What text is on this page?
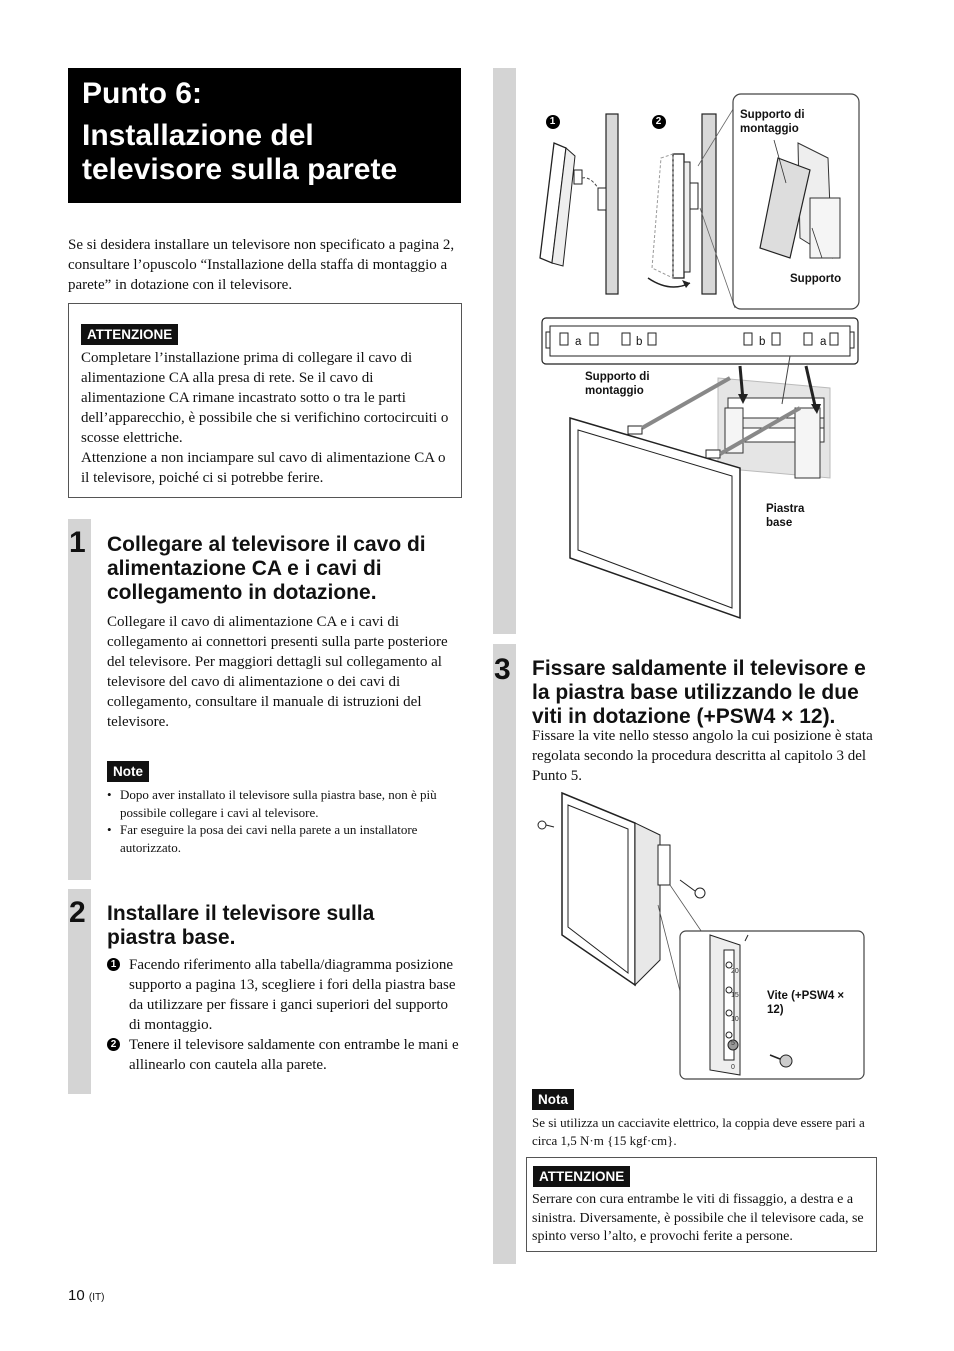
Punto 6:
Installazione del televisore sulla parete
Se si desidera installare un televisore non specificato a pagina 2, consultare l’opuscolo “Installazione della staffa di montaggio a parete” in dotazione con il televisore.
ATTENZIONE
Completare l’installazione prima di collegare il cavo di alimentazione CA alla presa di rete. Se il cavo di alimentazione CA rimane incastrato sotto o tra le parti dell’apparecchio, è possibile che si verifichino cortocircuiti o scosse elettriche.
Attenzione a non inciampare sul cavo di alimentazione CA o il televisore, poiché ci si potrebbe ferire.
1 Collegare al televisore il cavo di alimentazione CA e i cavi di collegamento in dotazione.
Collegare il cavo di alimentazione CA e i cavi di collegamento ai connettori presenti sulla parte posteriore del televisore. Per maggiori dettagli sul collegamento al televisore del cavo di alimentazione o dei cavi di collegamento, consultare il manuale di istruzioni del televisore.
Note
• Dopo aver installato il televisore sulla piastra base, non è più possibile collegare i cavi al televisore.
• Far eseguire la posa dei cavi nella parete a un installatore autorizzato.
2 Installare il televisore sulla piastra base.
1 Facendo riferimento alla tabella/diagramma posizione supporto a pagina 13, scegliere i fori della piastra base da utilizzare per fissare i ganci superiori del supporto di montaggio.
2 Tenere il televisore saldamente con entrambe le mani e allinearlo con cautela alla parete.
1	2
Supporto di montaggio
Supporto
Supporto di montaggio
Piastra base
a	b	b	a
3 Fissare saldamente il televisore e la piastra base utilizzando le due viti in dotazione (+PSW4 × 12).
Fissare la vite nello stesso angolo la cui posizione è stata regolata secondo la procedura descritta al capitolo 3 del Punto 5.
20
15
10
5
0
Vite (+PSW4 × 12)
Nota
Se si utilizza un cacciavite elettrico, la coppia deve essere pari a circa 1,5 N·m {15 kgf·cm}.
ATTENZIONE
Serrare con cura entrambe le viti di fissaggio, a destra e a sinistra. Diversamente, è possibile che il televisore cada, se spinto verso l’alto, e provochi ferite a persone.
10 (IT)
